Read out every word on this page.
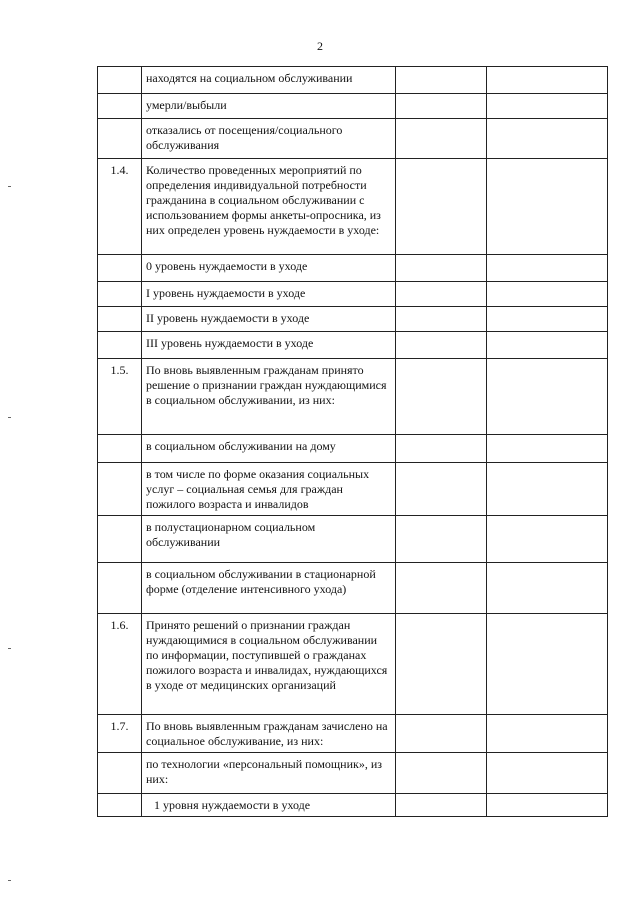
2
	находятся на социальном обслуживании		
	умерли/выбыли		
	отказались от посещения/социального обслуживания		
1.4.	Количество проведенных мероприятий по определения индивидуальной потребности гражданина в социальном обслуживании с использованием формы анкеты-опросника, из них определен уровень нуждаемости в уходе:		
	0 уровень нуждаемости в уходе		
	I уровень нуждаемости в уходе		
	II уровень нуждаемости в уходе		
	III уровень нуждаемости в уходе		
1.5.	По вновь выявленным гражданам принято решение о признании граждан нуждающимися в социальном обслуживании, из них:		
	в социальном обслуживании на дому		
	в том числе по форме оказания социальных услуг – социальная семья для граждан пожилого возраста и инвалидов		
	в полустационарном социальном обслуживании		
	в социальном обслуживании в стационарной форме (отделение интенсивного ухода)		
1.6.	Принято решений о признании граждан нуждающимися в социальном обслуживании по информации, поступившей о гражданах пожилого возраста и инвалидах, нуждающихся в уходе от медицинских организаций		
1.7.	По вновь выявленным гражданам зачислено на социальное обслуживание, из них:		
	по технологии «персональный помощник», из них:		
	1 уровня нуждаемости в уходе		
